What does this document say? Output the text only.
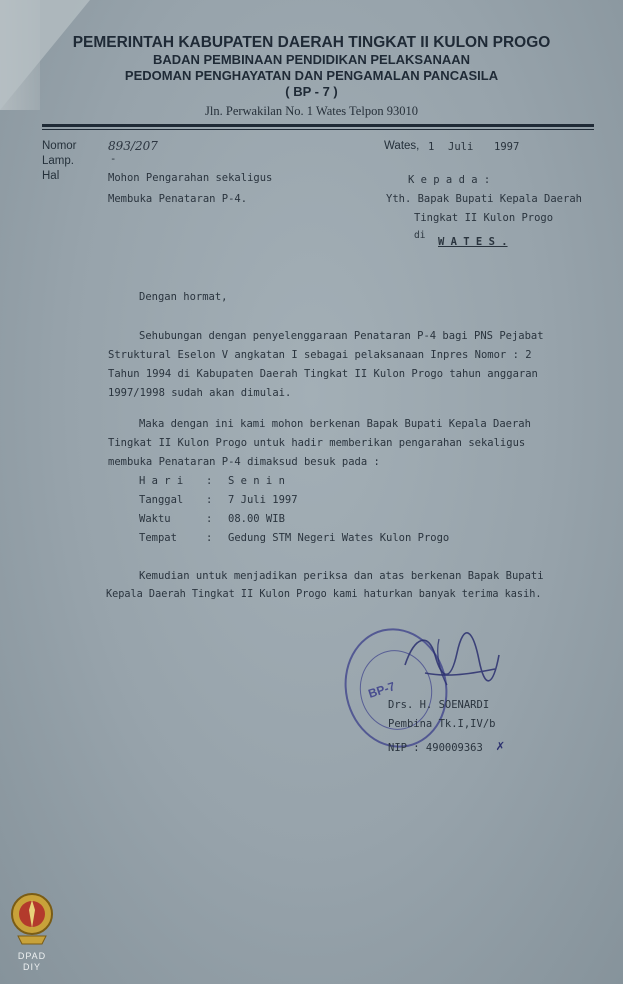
PEMERINTAH KABUPATEN DAERAH TINGKAT II KULON PROGO
BADAN PEMBINAAN PENDIDIKAN PELAKSANAAN
PEDOMAN PENGHAYATAN DAN PENGAMALAN PANCASILA
( BP - 7 )
Jln. Perwakilan No. 1 Wates Telpon 93010
Nomor	893/207
Lamp.	-
Hal	Mohon Pengarahan sekaligus
Membuka Penataran P-4.
Wates, 1 Juli 1997
K e p a d a :
Yth. Bapak Bupati Kepala Daerah
Tingkat II Kulon Progo
di
W A T E S .
Dengan hormat,
Sehubungan dengan penyelenggaraan Penataran P-4 bagi PNS Pejabat
Struktural Eselon V angkatan I sebagai pelaksanaan Inpres Nomor : 2
Tahun 1994 di Kabupaten Daerah Tingkat II Kulon Progo tahun anggaran
1997/1998 sudah akan dimulai.
Maka dengan ini kami mohon berkenan Bapak Bupati Kepala Daerah
Tingkat II Kulon Progo untuk hadir memberikan pengarahan sekaligus
membuka Penataran P-4 dimaksud besuk pada :
H a r i : S e n i n
Tanggal : 7 Juli 1997
Waktu	: 08.00 WIB
Tempat	: Gedung STM Negeri Wates Kulon Progo
Kemudian untuk menjadikan periksa dan atas berkenan Bapak Bupati
Kepala Daerah Tingkat II Kulon Progo kami haturkan banyak terima kasih.
BP-7
Drs. H. SOENARDI
Pembina Tk.I,IV/b
NIP : 490009363 ✗
DPAD
DIY
